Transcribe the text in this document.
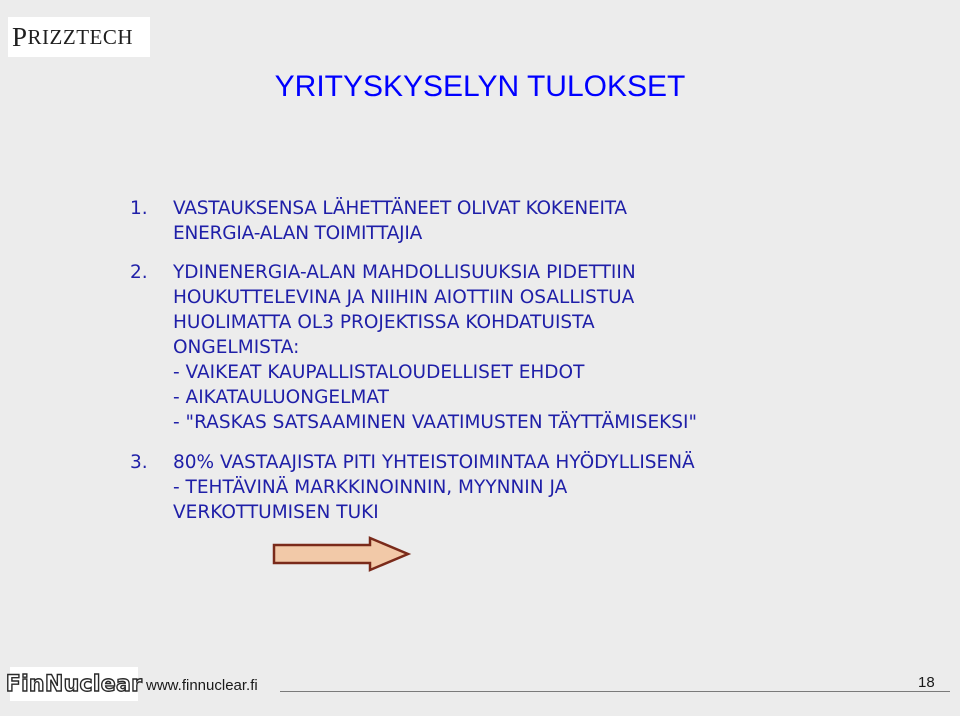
P RIZZ TECH
YRITYSKYSELYN TULOKSET
1. VASTAUKSENSA LÄHETTÄNEET OLIVAT KOKENEITA
ENERGIA-ALAN TOIMITTAJIA
2. YDINENERGIA-ALAN MAHDOLLISUUKSIA PIDETTIIN
HOUKUTTELEVINA JA NIIHIN AIOTTIIN OSALLISTUA
HUOLIMATTA OL3 PROJEKTISSA KOHDATUISTA
ONGELMISTA:
- VAIKEAT KAUPALLISTALOUDELLISET EHDOT
- AIKATAULUONGELMAT
- "RASKAS SATSAAMINEN VAATIMUSTEN TÄYTTÄMISEKSI"
3. 80% VASTAAJISTA PITI YHTEISTOIMINTAA HYÖDYLLISENÄ
- TEHTÄVINÄ MARKKINOINNIN, MYYNNIN JA
VERKOTTUMISEN TUKI
FinNuclear www.finnuclear.fi	18
